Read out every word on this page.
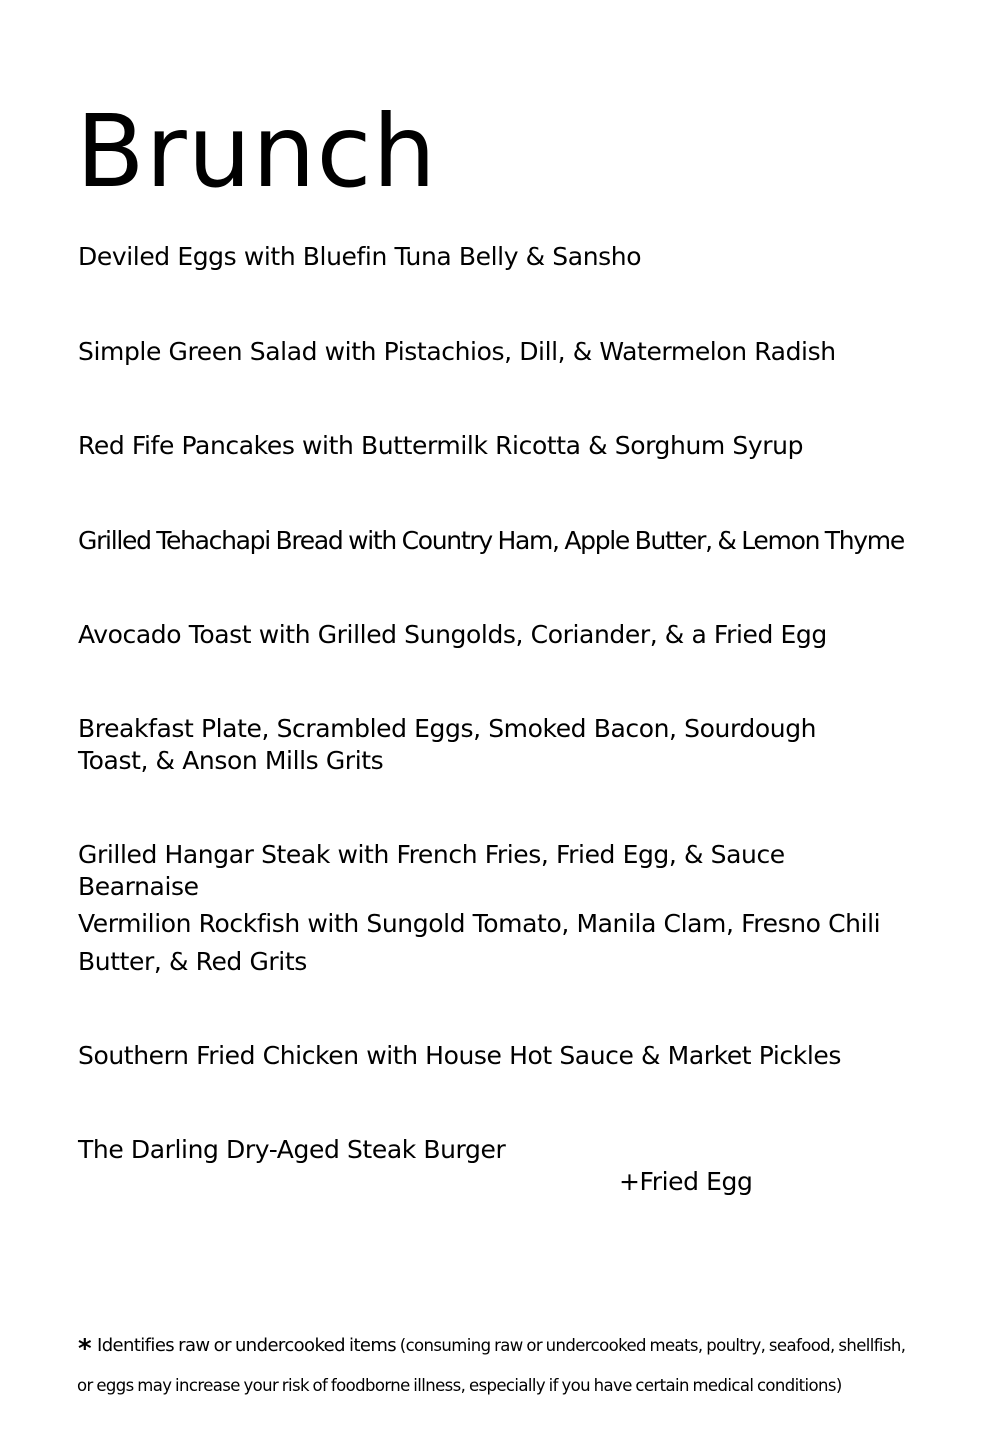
Brunch

Deviled Eggs with Bluefin Tuna Belly & Sansho

Simple Green Salad with Pistachios, Dill, & Watermelon Radish

Red Fife Pancakes with Buttermilk Ricotta & Sorghum Syrup

Grilled Tehachapi Bread with Country Ham, Apple Butter, & Lemon Thyme

Avocado Toast with Grilled Sungolds, Coriander, & a Fried Egg

Breakfast Plate, Scrambled Eggs, Smoked Bacon, Sourdough Toast, & Anson Mills Grits

Grilled Hangar Steak with French Fries, Fried Egg, & Sauce Bearnaise

Vermilion Rockfish with Sungold Tomato, Manila Clam, Fresno Chili Butter, & Red Grits

Southern Fried Chicken with House Hot Sauce & Market Pickles

The Darling Dry-Aged Steak Burger

+Fried Egg

* Identifies raw or undercooked items (consuming raw or undercooked meats, poultry, seafood, shellfish,

or eggs may increase your risk of foodborne illness, especially if you have certain medical conditions)
